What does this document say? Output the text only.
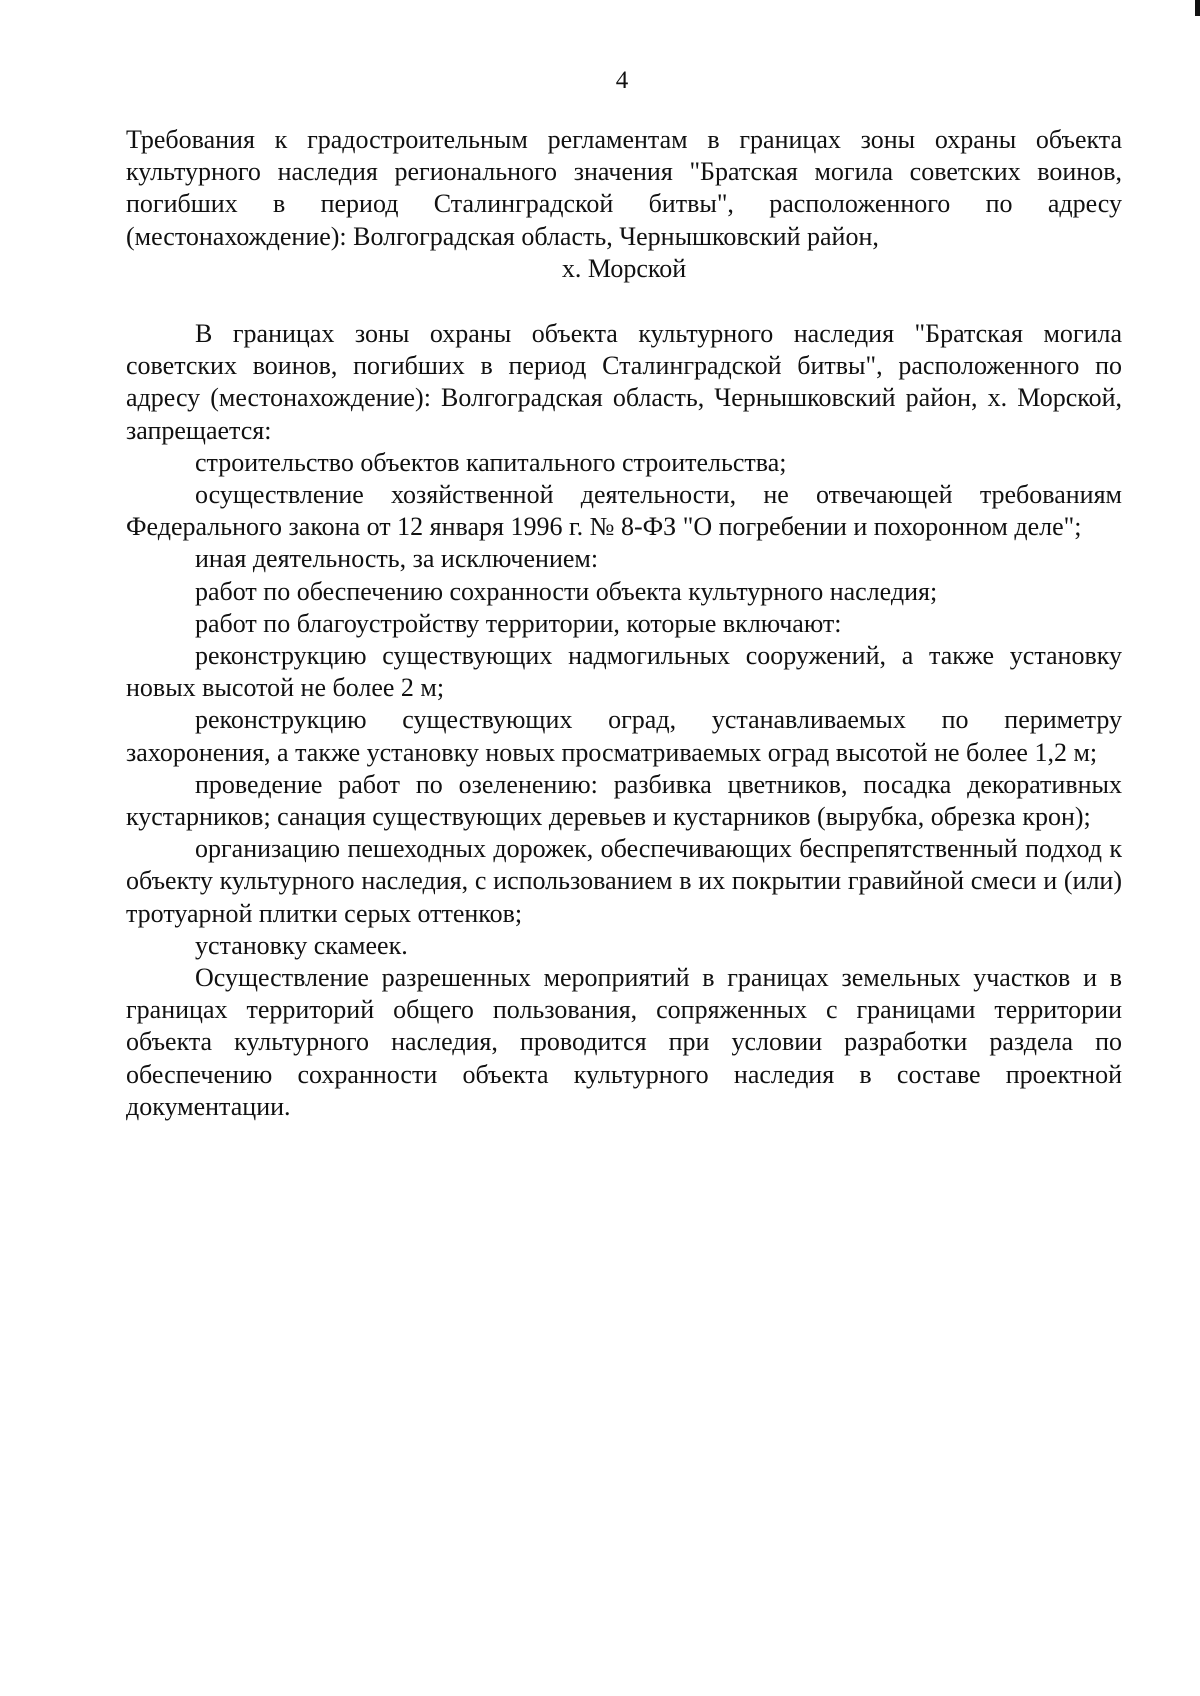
4

Требования к градостроительным регламентам в границах зоны охраны объекта культурного наследия регионального значения "Братская могила советских воинов, погибших в период Сталинградской битвы", расположенного по адресу (местонахождение): Волгоградская область, Чернышковский район,

х. Морской

В границах зоны охраны объекта культурного наследия "Братская могила советских воинов, погибших в период Сталинградской битвы", расположенного по адресу (местонахождение): Волгоградская область, Чернышковский район, х. Морской, запрещается:

строительство объектов капитального строительства;

осуществление хозяйственной деятельности, не отвечающей требованиям Федерального закона от 12 января 1996 г. № 8-ФЗ "О погребении и похоронном деле";

иная деятельность, за исключением:

работ по обеспечению сохранности объекта культурного наследия;

работ по благоустройству территории, которые включают:

реконструкцию существующих надмогильных сооружений, а также установку новых высотой не более 2 м;

реконструкцию существующих оград, устанавливаемых по периметру захоронения, а также установку новых просматриваемых оград высотой не более 1,2 м;

проведение работ по озеленению: разбивка цветников, посадка декоративных кустарников; санация существующих деревьев и кустарников (вырубка, обрезка крон);

организацию пешеходных дорожек, обеспечивающих беспрепятственный подход к объекту культурного наследия, с использованием в их покрытии гравийной смеси и (или) тротуарной плитки серых оттенков;

установку скамеек.

Осуществление разрешенных мероприятий в границах земельных участков и в границах территорий общего пользования, сопряженных с границами территории объекта культурного наследия, проводится при условии разработки раздела по обеспечению сохранности объекта культурного наследия в составе проектной документации.
